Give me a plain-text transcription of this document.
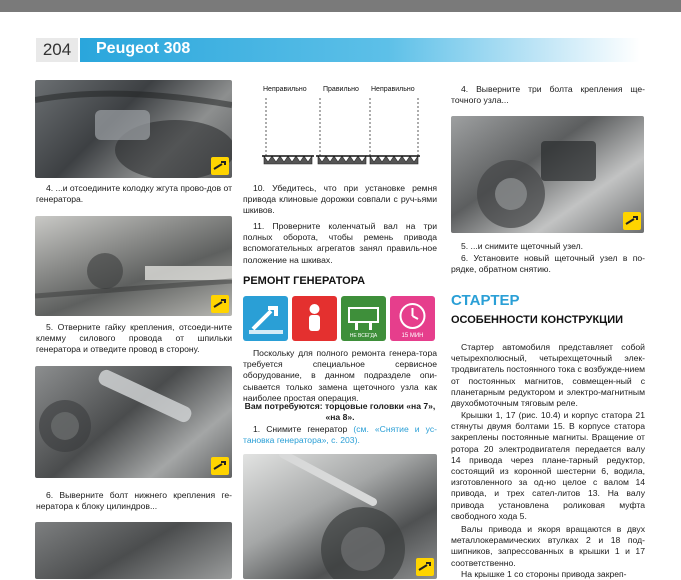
204	Peugeot 308
4. ...и отсоедините колодку жгута прово-дов от генератора.
5. Отверните гайку крепления, отсоеди-ните клемму силового провода от шпильки генератора и отведите провод в сторону.
6. Выверните болт нижнего крепления ге-нератора к блоку цилиндров...
Неправильно Правильно Неправильно
10. Убедитесь, что при установке ремня привода клиновые дорожки совпали с руч-ьями шкивов.
11. Проверните коленчатый вал на три полных оборота, чтобы ремень привода вспомогательных агрегатов занял правиль-ное положение на шкивах.
РЕМОНТ ГЕНЕРАТОРА
НЕ ВСЕГДА	15 МИН
Поскольку для полного ремонта генера-тора требуется специальное сервисное оборудование, в данном подразделе опи-сывается только замена щеточного узла как наиболее простая операция.
Вам потребуются: торцовые головки «на 7», «на 8».
1. Снимите генератор (см. «Снятие и ус-тановка генератора», с. 203).
4. Выверните три болта крепления ще-точного узла...
5. ...и снимите щеточный узел.
6. Установите новый щеточный узел в по-рядке, обратном снятию.
СТАРТЕР
ОСОБЕННОСТИ КОНСТРУКЦИИ
Стартер автомобиля представляет собой четырехполюсный, четырехщеточный элек-тродвигатель постоянного тока с возбужде-нием от постоянных магнитов, совмещен-ный с планетарным редуктором и электро-магнитным двухобмоточным тяговым реле.
Крышки 1, 17 (рис. 10.4) и корпус статора 21 стянуты двумя болтами 15. В корпусе статора закреплены постоянные магниты. Вращение от ротора 20 электродвигателя передается валу 14 привода через плане-тарный редуктор, состоящий из коронной шестерни 6, водила, изготовленного за од-но целое с валом 14 привода, и трех сател-литов 13. На валу привода установлена роликовая муфта свободного хода 5.
Валы привода и якоря вращаются в двух металлокерамических втулках 2 и 18 под-шипников, запрессованных в крышки 1 и 17 соответственно.
На крышке 1 со стороны привода закреп-
